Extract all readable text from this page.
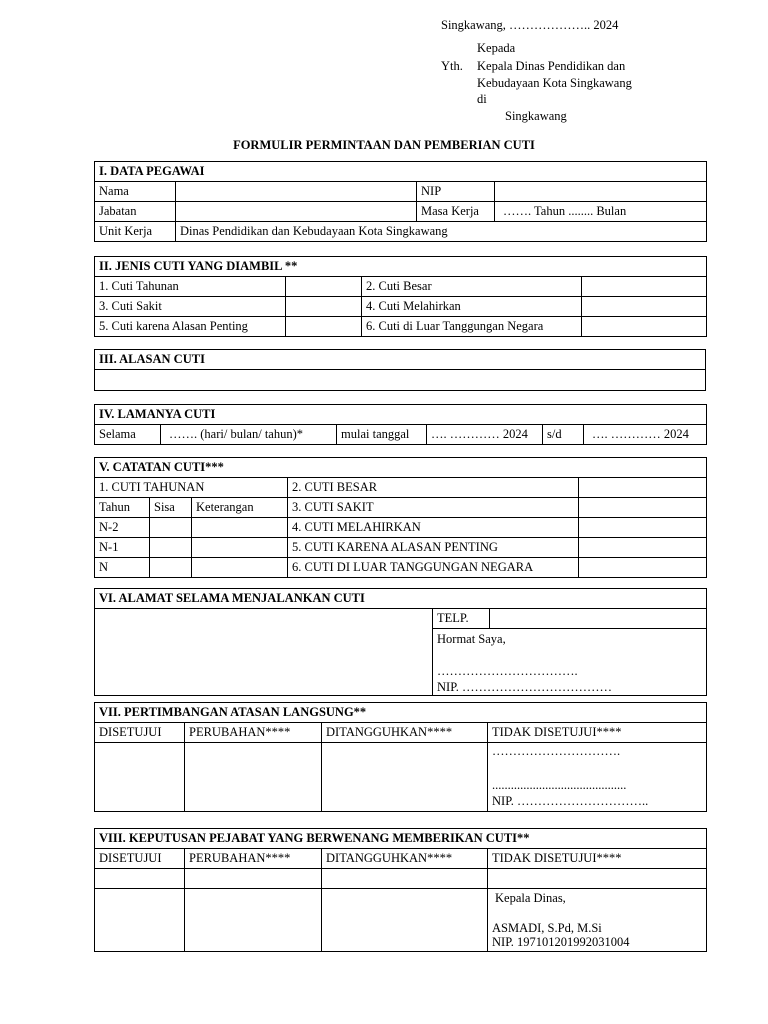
Singkawang, ……………….. 2024
Kepada
Yth. Kepala Dinas Pendidikan dan
Kebudayaan Kota Singkawang
di
Singkawang
FORMULIR PERMINTAAN DAN PEMBERIAN CUTI
I. DATA PEGAWAI			
Nama		NIP	
Jabatan		Masa Kerja	……. Tahun ........ Bulan
Unit Kerja	Dinas Pendidikan dan Kebudayaan Kota Singkawang		
II. JENIS CUTI YANG DIAMBIL **			
1. Cuti Tahunan		2. Cuti Besar	
3. Cuti Sakit		4. Cuti Melahirkan	
5. Cuti karena Alasan Penting		6. Cuti di Luar Tanggungan Negara	
III. ALASAN CUTI

IV. LAMANYA CUTI
Selama	……. (hari/ bulan/ tahun)*	mulai tanggal	…. ………… 2024	s/d	…. ………… 2024
V. CATATAN CUTI***				
1. CUTI TAHUNAN			2. CUTI BESAR	
Tahun	Sisa	Keterangan	3. CUTI SAKIT	
N-2			4. CUTI MELAHIRKAN	
N-1			5. CUTI KARENA ALASAN PENTING	
N			6. CUTI DI LUAR TANGGUNGAN NEGARA	
VI. ALAMAT SELAMA MENJALANKAN CUTI
	TELP.	

Hormat Saya,
…………………………….
NIP. ………………………………
VII. PERTIMBANGAN ATASAN LANGSUNG**			
DISETUJUI	PERUBAHAN****	DITANGGUHKAN****	TIDAK DISETUJUI****

			………………………….
...........................................
NIP. …………………………..
VIII. KEPUTUSAN PEJABAT YANG BERWENANG MEMBERIKAN CUTI**			
DISETUJUI	PERUBAHAN****	DITANGGUHKAN****	TIDAK DISETUJUI****

			Kepala Dinas,
ASMADI, S.Pd, M.Si
NIP. 197101201992031004
